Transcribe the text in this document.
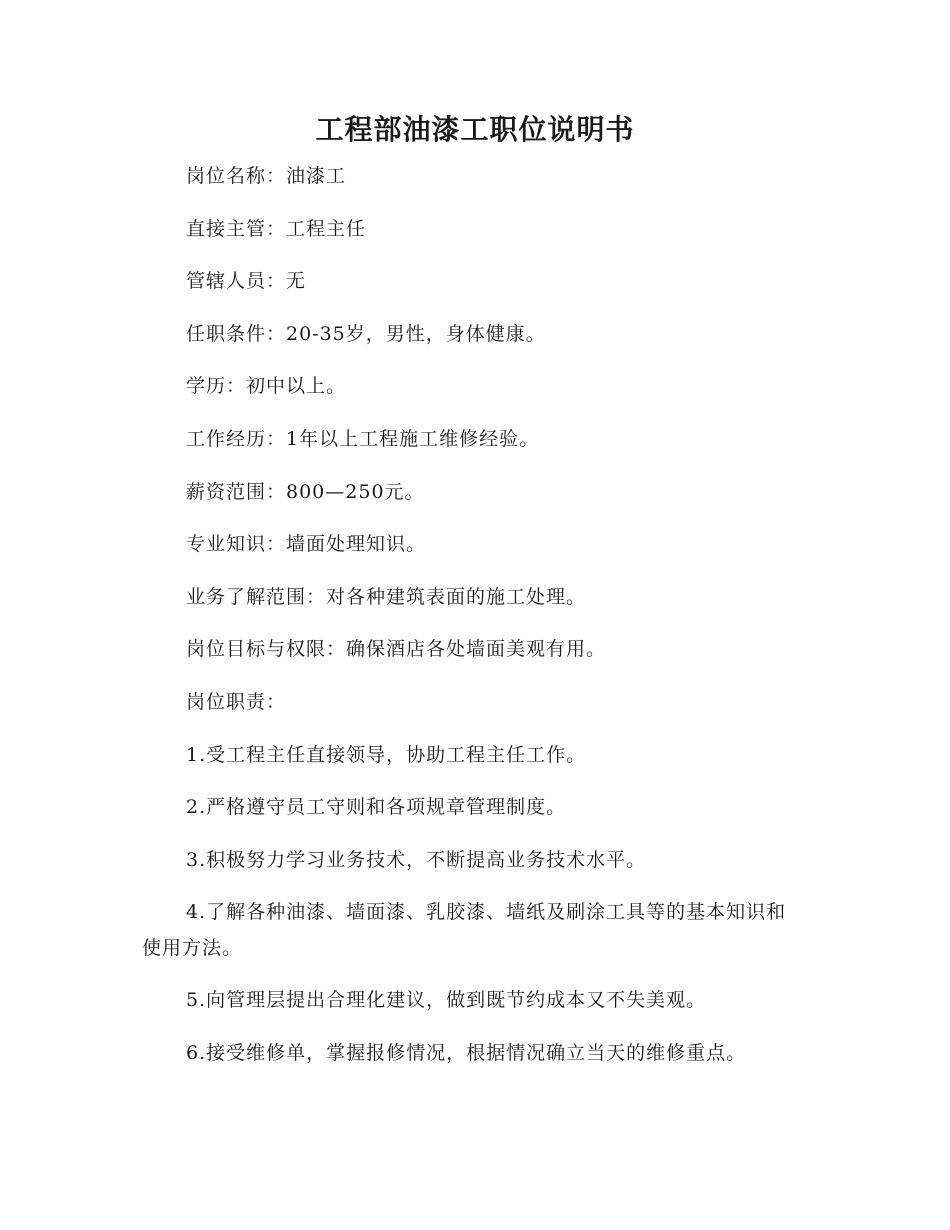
工程部油漆工职位说明书

岗位名称：油漆工

直接主管：工程主任

管辖人员：无

任职条件：20-35岁，男性，身体健康。

学历：初中以上。

工作经历：1年以上工程施工维修经验。

薪资范围：800—250元。

专业知识：墙面处理知识。

业务了解范围：对各种建筑表面的施工处理。

岗位目标与权限：确保酒店各处墙面美观有用。

岗位职责：

1.受工程主任直接领导，协助工程主任工作。

2.严格遵守员工守则和各项规章管理制度。

3.积极努力学习业务技术，不断提高业务技术水平。

4.了解各种油漆、墙面漆、乳胶漆、墙纸及刷涂工具等的基本知识和使用方法。

5.向管理层提出合理化建议，做到既节约成本又不失美观。

6.接受维修单，掌握报修情况，根据情况确立当天的维修重点。
